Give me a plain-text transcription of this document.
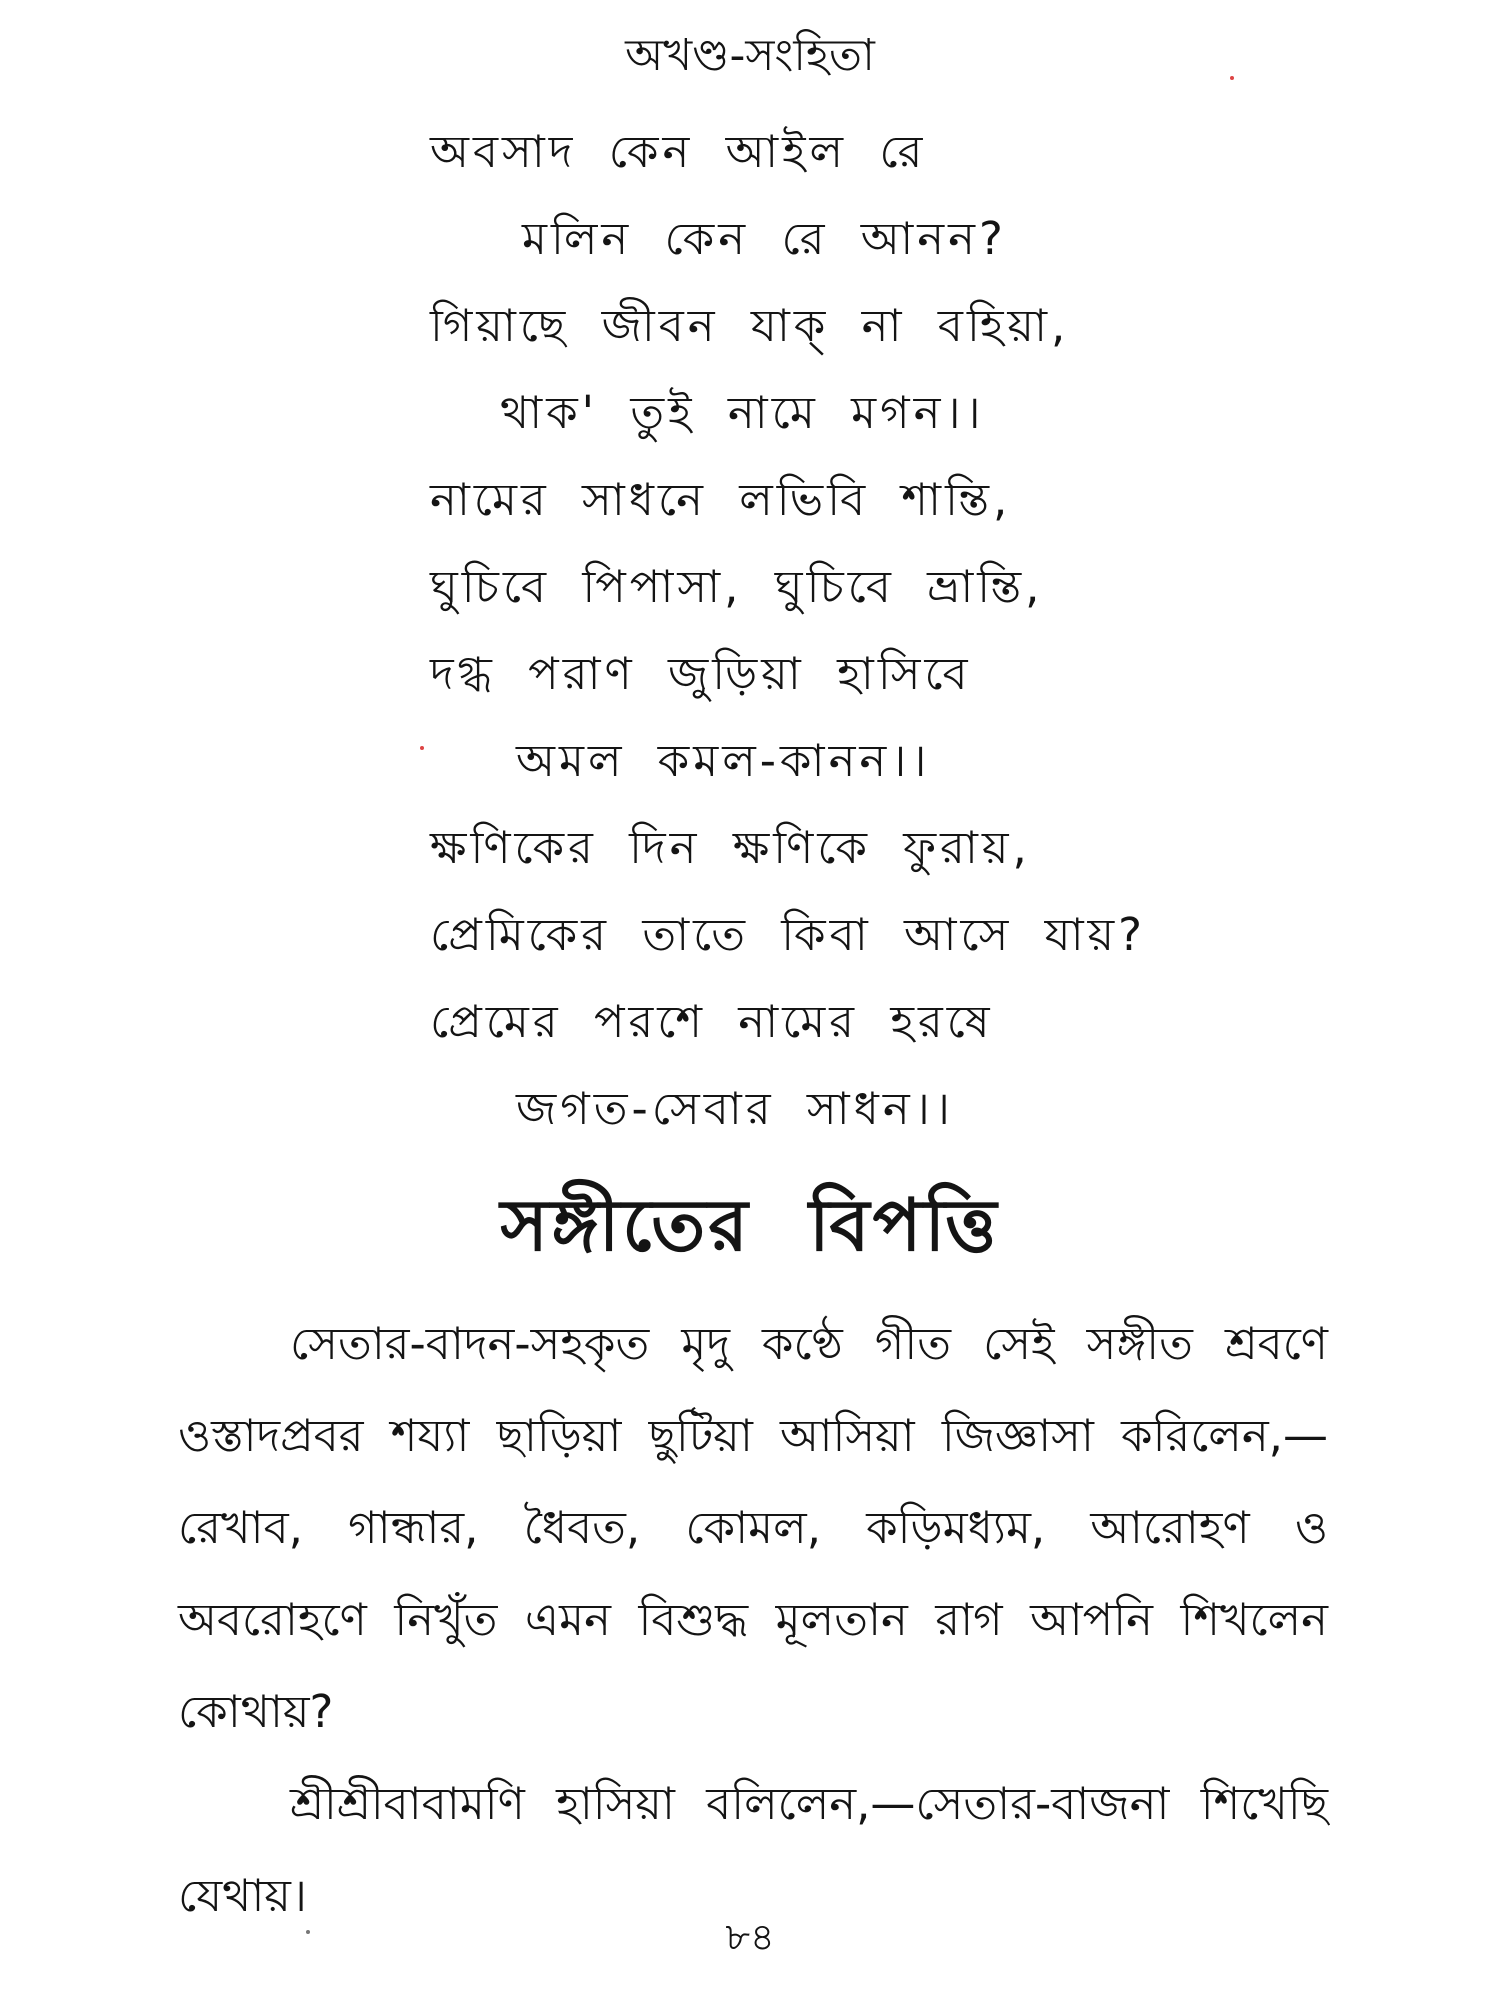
অখণ্ড-সংহিতা
অবসাদ কেন আইল রে
মলিন কেন রে আনন?
গিয়াছে জীবন যাক্ না বহিয়া,
থাক' তুই নামে মগন।।
নামের সাধনে লভিবি শান্তি,
ঘুচিবে পিপাসা, ঘুচিবে ভ্রান্তি,
দগ্ধ পরাণ জুড়িয়া হাসিবে
অমল কমল-কানন।।
ক্ষণিকের দিন ক্ষণিকে ফুরায়,
প্রেমিকের তাতে কিবা আসে যায়?
প্রেমের পরশে নামের হরষে
জগত-সেবার সাধন।।
সঙ্গীতের বিপত্তি

সেতার-বাদন-সহকৃত মৃদু কণ্ঠে গীত সেই সঙ্গীত শ্রবণে ওস্তাদপ্রবর শয্যা ছাড়িয়া ছুটিয়া আসিয়া জিজ্ঞাসা করিলেন,—রেখাব, গান্ধার, ধৈবত, কোমল, কড়িমধ্যম, আরোহণ ও অবরোহণে নিখুঁত এমন বিশুদ্ধ মূলতান রাগ আপনি শিখলেন কোথায়?

শ্রীশ্রীবাবামণি হাসিয়া বলিলেন,—সেতার-বাজনা শিখেছি যেথায়।

৮৪
